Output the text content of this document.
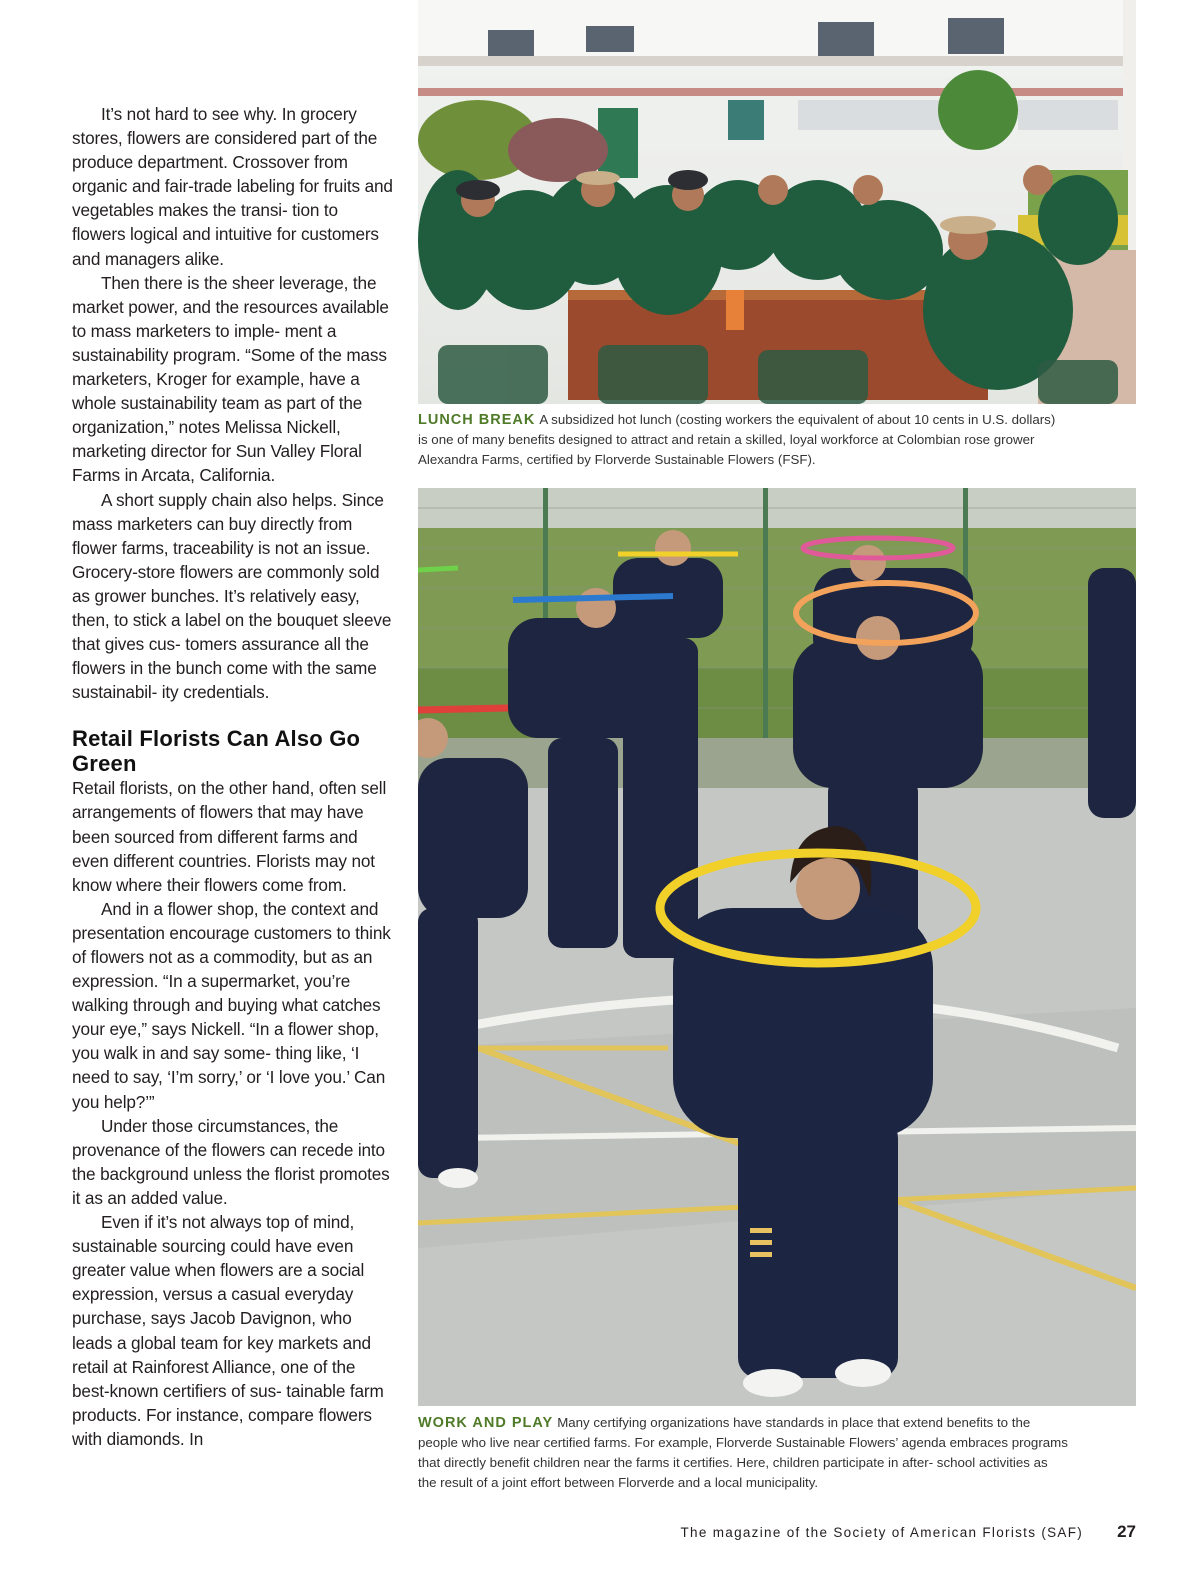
It’s not hard to see why. In grocery stores, flowers are considered part of the produce department. Crossover from organic and fair-trade labeling for fruits and vegetables makes the transi- tion to flowers logical and intuitive for customers and managers alike.

Then there is the sheer leverage, the market power, and the resources available to mass marketers to imple- ment a sustainability program. “Some of the mass marketers, Kroger for example, have a whole sustainability team as part of the organization,” notes Melissa Nickell, marketing director for Sun Valley Floral Farms in Arcata, California.

A short supply chain also helps. Since mass marketers can buy directly from flower farms, traceability is not an issue. Grocery-store flowers are commonly sold as grower bunches. It’s relatively easy, then, to stick a label on the bouquet sleeve that gives cus- tomers assurance all the flowers in the bunch come with the same sustainabil- ity credentials.

Retail Florists Can Also Go Green

Retail florists, on the other hand, often sell arrangements of flowers that may have been sourced from different farms and even different countries. Florists may not know where their flowers come from.

And in a flower shop, the context and presentation encourage customers to think of flowers not as a commodity, but as an expression. “In a supermarket, you’re walking through and buying what catches your eye,” says Nickell. “In a flower shop, you walk in and say some- thing like, ‘I need to say, ‘I’m sorry,’ or ‘I love you.’ Can you help?’”

Under those circumstances, the provenance of the flowers can recede into the background unless the florist promotes it as an added value.

Even if it’s not always top of mind, sustainable sourcing could have even greater value when flowers are a social expression, versus a casual everyday purchase, says Jacob Davignon, who leads a global team for key markets and retail at Rainforest Alliance, one of the best-known certifiers of sus- tainable farm products. For instance, compare flowers with diamonds. In

LUNCH BREAK A subsidized hot lunch (costing workers the equivalent of about 10 cents in U.S. dollars) is one of many benefits designed to attract and retain a skilled, loyal workforce at Colombian rose grower Alexandra Farms, certified by Florverde Sustainable Flowers (FSF).
WORK AND PLAY Many certifying organizations have standards in place that extend benefits to the people who live near certified farms. For example, Florverde Sustainable Flowers’ agenda embraces programs that directly benefit children near the farms it certifies. Here, children participate in after- school activities as the result of a joint effort between Florverde and a local municipality.
The magazine of the Society of American Florists (SAF) 27
